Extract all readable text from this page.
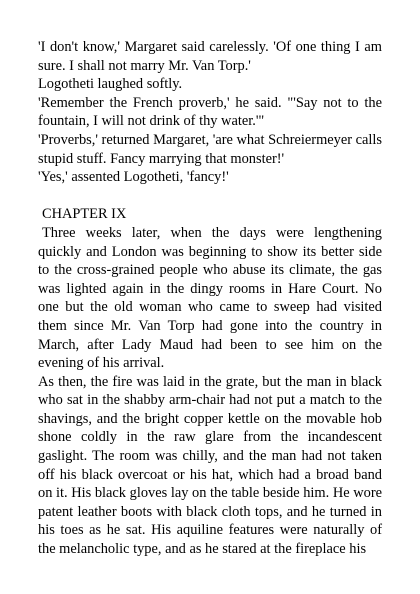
'I don't know,' Margaret said carelessly. 'Of one thing I am sure. I shall not marry Mr. Van Torp.'

Logotheti laughed softly.

'Remember the French proverb,' he said. "'Say not to the fountain, I will not drink of thy water.'"

'Proverbs,' returned Margaret, 'are what Schreiermeyer calls stupid stuff. Fancy marrying that monster!'

'Yes,' assented Logotheti, 'fancy!'

CHAPTER IX

Three weeks later, when the days were lengthening quickly and London was beginning to show its better side to the cross-grained people who abuse its climate, the gas was lighted again in the dingy rooms in Hare Court. No one but the old woman who came to sweep had visited them since Mr. Van Torp had gone into the country in March, after Lady Maud had been to see him on the evening of his arrival.

As then, the fire was laid in the grate, but the man in black who sat in the shabby arm-chair had not put a match to the shavings, and the bright copper kettle on the movable hob shone coldly in the raw glare from the incandescent gaslight. The room was chilly, and the man had not taken off his black overcoat or his hat, which had a broad band on it. His black gloves lay on the table beside him. He wore patent leather boots with black cloth tops, and he turned in his toes as he sat. His aquiline features were naturally of the melancholic type, and as he stared at the fireplace his
